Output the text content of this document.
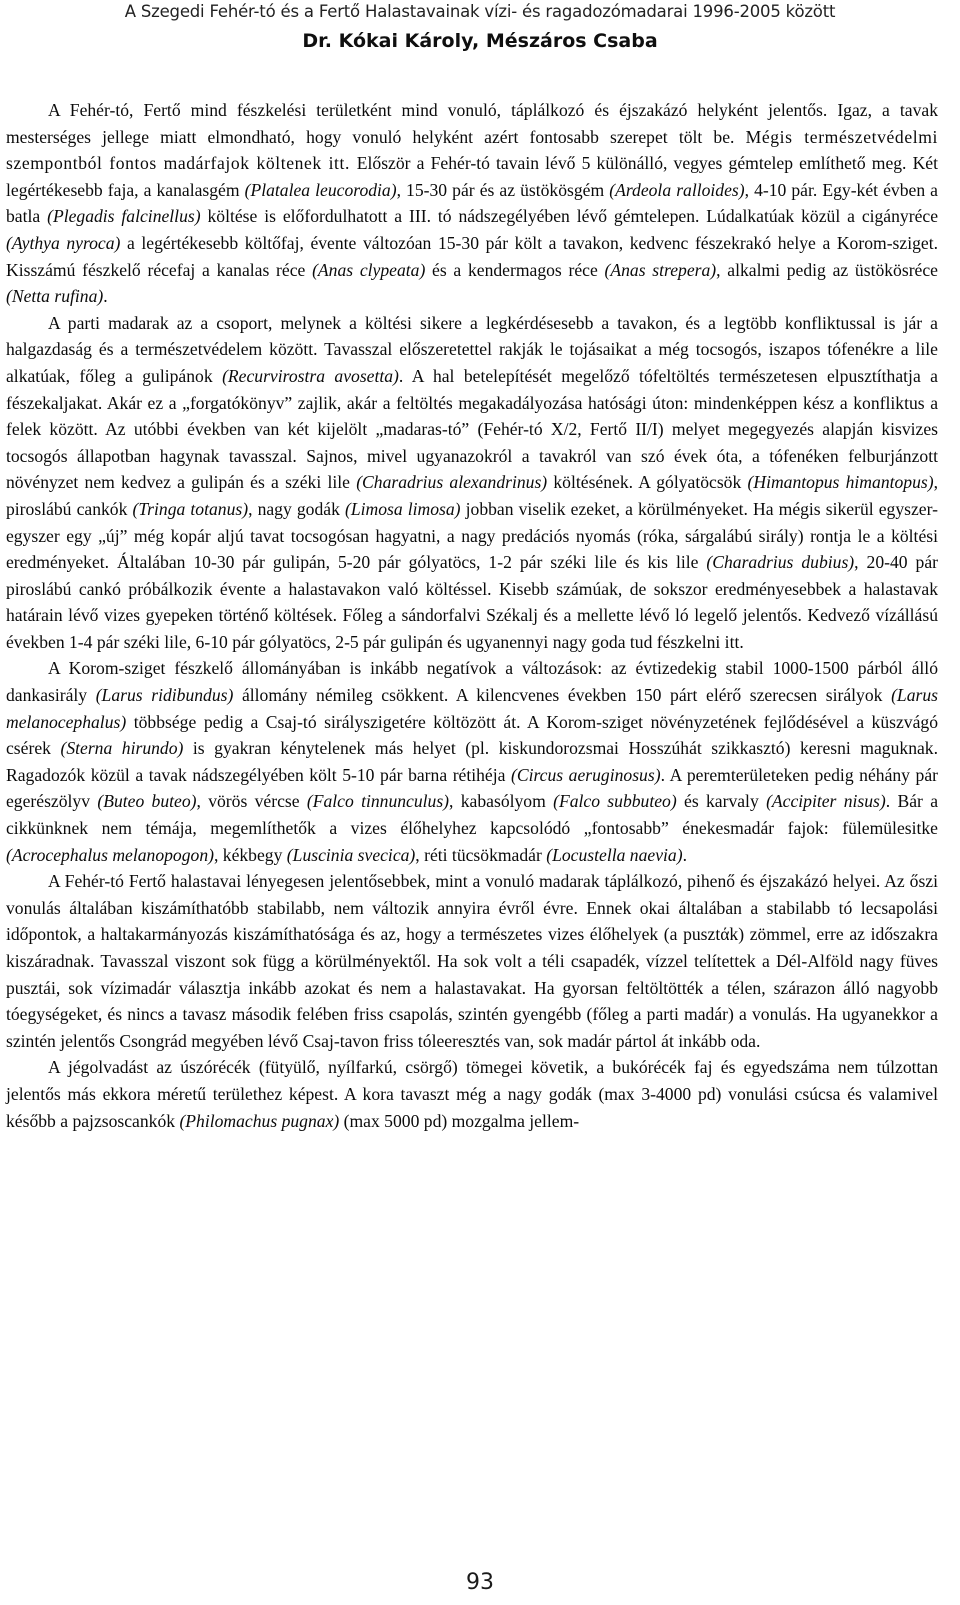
A Szegedi Fehér-tó és a Fertő Halastavainak vízi- és ragadozómadarai 1996-2005 között
Dr. Kókai Károly, Mészáros Csaba

A Fehér-tó, Fertő mind fészkelési területként mind vonuló, táplálkozó és éjszakázó helyként jelentős. Igaz, a tavak mesterséges jellege miatt elmondható, hogy vonuló helyként azért fontosabb szerepet tölt be. Mégis természetvédelmi szempontból fontos madárfajok költenek itt. Először a Fehér-tó tavain lévő 5 különálló, vegyes gémtelep említhető meg. Két legértékesebb faja, a kanalasgém (Platalea leucorodia), 15-30 pár és az üstökösgém (Ardeola ralloides), 4-10 pár. Egy-két évben a batla (Plegadis falcinellus) költése is előfordulhatott a III. tó nádszegélyében lévő gémtelepen. Lúdalkatúak közül a cigányréce (Aythya nyroca) a legértékesebb költőfaj, évente változóan 15-30 pár költ a tavakon, kedvenc fészekrakó helye a Korom-sziget. Kisszámú fészkelő récefaj a kanalas réce (Anas clypeata) és a kendermagos réce (Anas strepera), alkalmi pedig az üstökösréce (Netta rufina).

A parti madarak az a csoport, melynek a költési sikere a legkérdésesebb a tavakon, és a legtöbb konfliktussal is jár a halgazdaság és a természetvédelem között. Tavasszal előszeretettel rakják le tojásaikat a még tocsogós, iszapos tófenékre a lile alkatúak, főleg a gulipánok (Recurvirostra avosetta). A hal betelepítését megelőző tófeltöltés természetesen elpusztíthatja a fészekaljakat. Akár ez a „forgatókönyv” zajlik, akár a feltöltés megakadályozása hatósági úton: mindenképpen kész a konfliktus a felek között. Az utóbbi években van két kijelölt „madaras-tó” (Fehér-tó X/2, Fertő II/I) melyet megegyezés alapján kisvizes tocsogós állapotban hagynak tavasszal. Sajnos, mivel ugyanazokról a tavakról van szó évek óta, a tófenéken felburjánzott növényzet nem kedvez a gulipán és a széki lile (Charadrius alexandrinus) költésének. A gólyatöcsök (Himantopus himantopus), piroslábú cankók (Tringa totanus), nagy godák (Limosa limosa) jobban viselik ezeket, a körülményeket. Ha mégis sikerül egyszer-egyszer egy „új” még kopár aljú tavat tocsogósan hagyatni, a nagy predációs nyomás (róka, sárgalábú sirály) rontja le a költési eredményeket. Általában 10-30 pár gulipán, 5-20 pár gólyatöcs, 1-2 pár széki lile és kis lile (Charadrius dubius), 20-40 pár piroslábú cankó próbálkozik évente a halastavakon való költéssel. Kisebb számúak, de sokszor eredményesebbek a halastavak határain lévő vizes gyepeken történő költések. Főleg a sándorfalvi Székalj és a mellette lévő ló legelő jelentős. Kedvező vízállású években 1-4 pár széki lile, 6-10 pár gólyatöcs, 2-5 pár gulipán és ugyanennyi nagy goda tud fészkelni itt.

A Korom-sziget fészkelő állományában is inkább negatívok a változások: az évtizedekig stabil 1000-1500 párból álló dankasirály (Larus ridibundus) állomány némileg csökkent. A kilencvenes években 150 párt elérő szerecsen sirályok (Larus melanocephalus) többsége pedig a Csaj-tó sirályszigetére költözött át. A Korom-sziget növényzetének fejlődésével a küszvágó csérek (Sterna hirundo) is gyakran kénytelenek más helyet (pl. kiskundorozsmai Hosszúhát szikkasztó) keresni maguknak. Ragadozók közül a tavak nádszegélyében költ 5-10 pár barna rétihéja (Circus aeruginosus). A peremterületeken pedig néhány pár egerészölyv (Buteo buteo), vörös vércse (Falco tinnunculus), kabasólyom (Falco subbuteo) és karvaly (Accipiter nisus). Bár a cikkünknek nem témája, megemlíthetők a vizes élőhelyhez kapcsolódó „fontosabb” énekesmadár fajok: fülemülesitke (Acrocephalus melanopogon), kékbegy (Luscinia svecica), réti tücsökmadár (Locustella naevia).

A Fehér-tó Fertő halastavai lényegesen jelentősebbek, mint a vonuló madarak táplálkozó, pihenő és éjszakázó helyei. Az őszi vonulás általában kiszámíthatóbb stabilabb, nem változik annyira évről évre. Ennek okai általában a stabilabb tó lecsapolási időpontok, a haltakarmányozás kiszámíthatósága és az, hogy a természetes vizes élőhelyek (a pusztάk) zömmel, erre az időszakra kiszáradnak. Tavasszal viszont sok függ a körülményektől. Ha sok volt a téli csapadék, vízzel telítettek a Dél-Alföld nagy füves pusztái, sok vízimadár választja inkább azokat és nem a halastavakat. Ha gyorsan feltöltötték a télen, szárazon álló nagyobb tóegységeket, és nincs a tavasz második felében friss csapolás, szintén gyengébb (főleg a parti madár) a vonulás. Ha ugyanekkor a szintén jelentős Csongrád megyében lévő Csaj-tavon friss tóleeresztés van, sok madár pártol át inkább oda.

A jégolvadást az úszórécék (fütyülő, nyílfarkú, csörgő) tömegei követik, a bukórécék faj és egyedszáma nem túlzottan jelentős más ekkora méretű területhez képest. A kora tavaszt még a nagy godák (max 3-4000 pd) vonulási csúcsa és valamivel később a pajzsoscankók (Philomachus pugnax) (max 5000 pd) mozgalma jellem-

93
